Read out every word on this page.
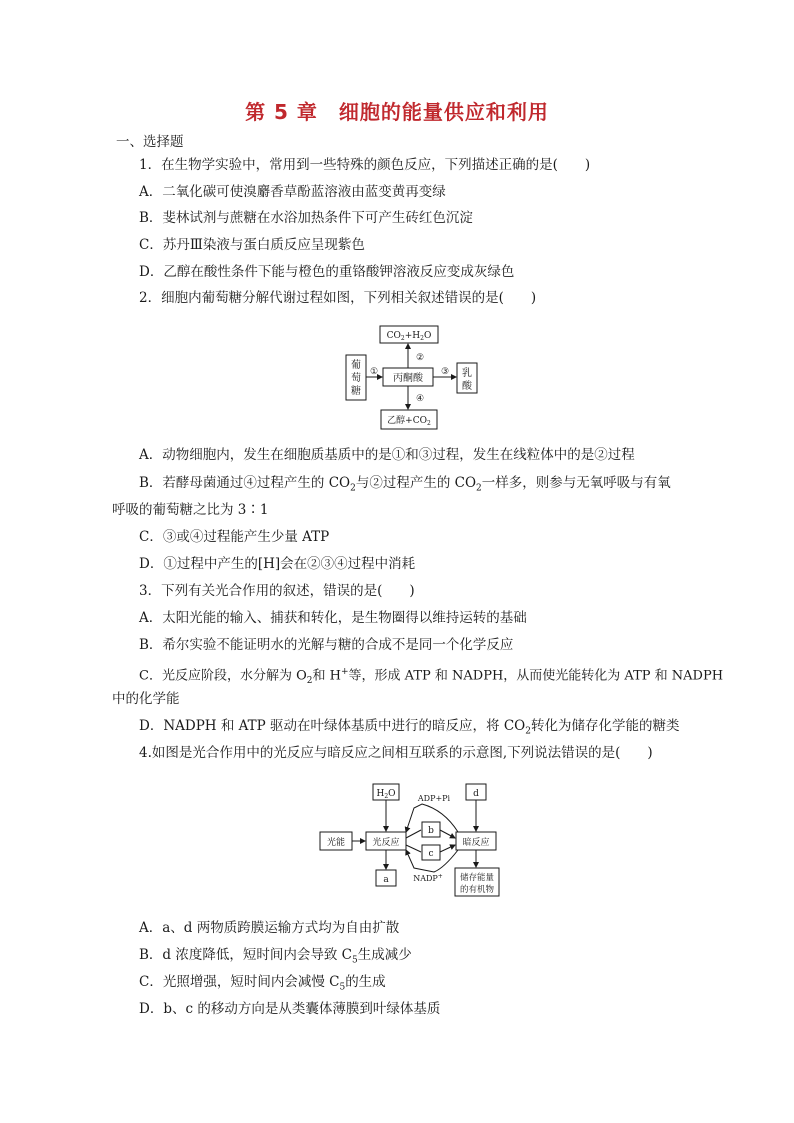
第 5 章　细胞的能量供应和利用
一、选择题
1．在生物学实验中，常用到一些特殊的颜色反应，下列描述正确的是(　　)
A．二氧化碳可使溴麝香草酚蓝溶液由蓝变黄再变绿
B．斐林试剂与蔗糖在水浴加热条件下可产生砖红色沉淀
C．苏丹Ⅲ染液与蛋白质反应呈现紫色
D．乙醇在酸性条件下能与橙色的重铬酸钾溶液反应变成灰绿色
2．细胞内葡萄糖分解代谢过程如图，下列相关叙述错误的是(　　)
$CO_2+H_2O$
葡
萄
糖
丙酮酸	乳
酸
乙醇$+CO_2$
①
②
③
④
A．动物细胞内，发生在细胞质基质中的是①和③过程，发生在线粒体中的是②过程
B．若酵母菌通过④过程产生的 $CO_2$与②过程产生的 $CO_2$一样多，则参与无氧呼吸与有氧
呼吸的葡萄糖之比为 3∶1
C．③或④过程能产生少量 ATP
D．①过程中产生的[H]会在②③④过程中消耗
3．下列有关光合作用的叙述，错误的是(　　)
A．太阳光能的输入、捕获和转化，是生物圈得以维持运转的基础
B．希尔实验不能证明水的光解与糖的合成不是同一个化学反应
C．光反应阶段，水分解为 $O_2$和 H+等，形成 ATP 和 NADPH，从而使光能转化为 ATP 和 NADPH
中的化学能
D．NADPH 和 ATP 驱动在叶绿体基质中进行的暗反应，将 $CO_2$转化为储存化学能的糖类
4.如图是光合作用中的光反应与暗反应之间相互联系的示意图,下列说法错误的是(　　)
$H_2O$	ADP+Pi	d
光能	光反应
b
c
暗反应
a	NADP+ 储存能量
的有机物
A．a、d 两物质跨膜运输方式均为自由扩散
B．d 浓度降低，短时间内会导致 $C_5$生成减少
C．光照增强，短时间内会减慢 $C_5$的生成
D．b、c 的移动方向是从类囊体薄膜到叶绿体基质
